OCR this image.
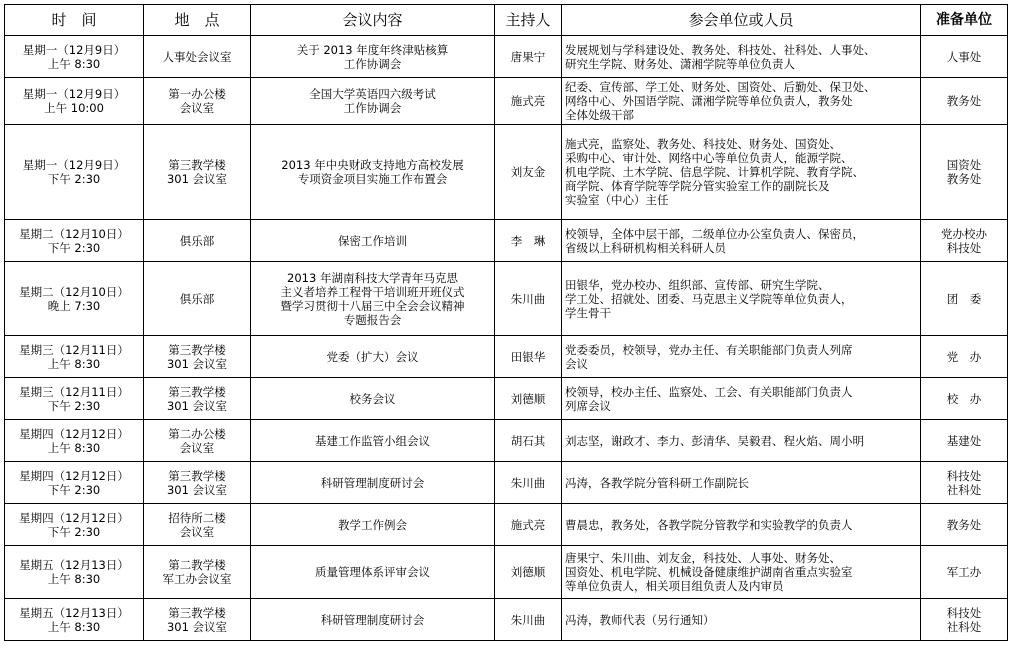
时　间	地　点	会议内容	主持人	参会单位或人员	准备单位

星期一（12月9日）
上午 8:30	人事处会议室	关于 2013 年度年终津贴核算
工作协调会	唐果宁	发展规划与学科建设处、教务处、科技处、社科处、人事处、
研究生学院、财务处、潇湘学院等单位负责人	人事处

星期一（12月9日）
上午 10:00	第一办公楼
会议室	全国大学英语四六级考试
工作协调会	施式亮	纪委、宣传部、学工处、财务处、国资处、后勤处、保卫处、
网络中心、外国语学院、潇湘学院等单位负责人，教务处
全体处级干部	教务处

星期一（12月9日）
下午 2:30	第三教学楼
301 会议室	2013 年中央财政支持地方高校发展
专项资金项目实施工作布置会	刘友金	施式亮，监察处、教务处、科技处、财务处、国资处、
采购中心、审计处、网络中心等单位负责人，能源学院、
机电学院、土木学院、信息学院、计算机学院、教育学院、
商学院、体育学院等学院分管实验室工作的副院长及
实验室（中心）主任	国资处
教务处

星期二（12月10日）
下午 2:30	俱乐部	保密工作培训	李　琳	校领导，全体中层干部，二级单位办公室负责人、保密员，
省级以上科研机构相关科研人员	党办校办
科技处

星期二（12月10日）
晚上 7:30	俱乐部	2013 年湖南科技大学青年马克思
主义者培养工程骨干培训班开班仪式
暨学习贯彻十八届三中全会会议精神
专题报告会	朱川曲	田银华，党办校办、组织部、宣传部、研究生学院、
学工处、招就处、团委、马克思主义学院等单位负责人，
学生骨干	团　委

星期三（12月11日）
上午 8:30	第三教学楼
301 会议室	党委（扩大）会议	田银华	党委委员，校领导，党办主任、有关职能部门负责人列席
会议	党　办

星期三（12月11日）
下午 2:30	第三教学楼
301 会议室	校务会议	刘德顺	校领导，校办主任、监察处、工会、有关职能部门负责人
列席会议	校　办

星期四（12月12日）
上午 8:30	第二办公楼
会议室	基建工作监管小组会议	胡石其	刘志坚，谢政才、李力、彭清华、吴毅君、程火焰、周小明	基建处

星期四（12月12日）
下午 2:30	第三教学楼
301 会议室	科研管理制度研讨会	朱川曲	冯涛，各教学院分管科研工作副院长	科技处
社科处

星期四（12月12日）
下午 2:30	招待所二楼
会议室	教学工作例会	施式亮	曹晨忠，教务处，各教学院分管教学和实验教学的负责人	教务处

星期五（12月13日）
上午 8:30	第二教学楼
军工办会议室	质量管理体系评审会议	刘德顺	唐果宁、朱川曲、刘友金，科技处、人事处、财务处、
国资处、机电学院、机械设备健康维护湖南省重点实验室
等单位负责人，相关项目组负责人及内审员	军工办

星期五（12月13日）
上午 8:30	第三教学楼
301 会议室	科研管理制度研讨会	朱川曲	冯涛，教师代表（另行通知）	科技处
社科处
